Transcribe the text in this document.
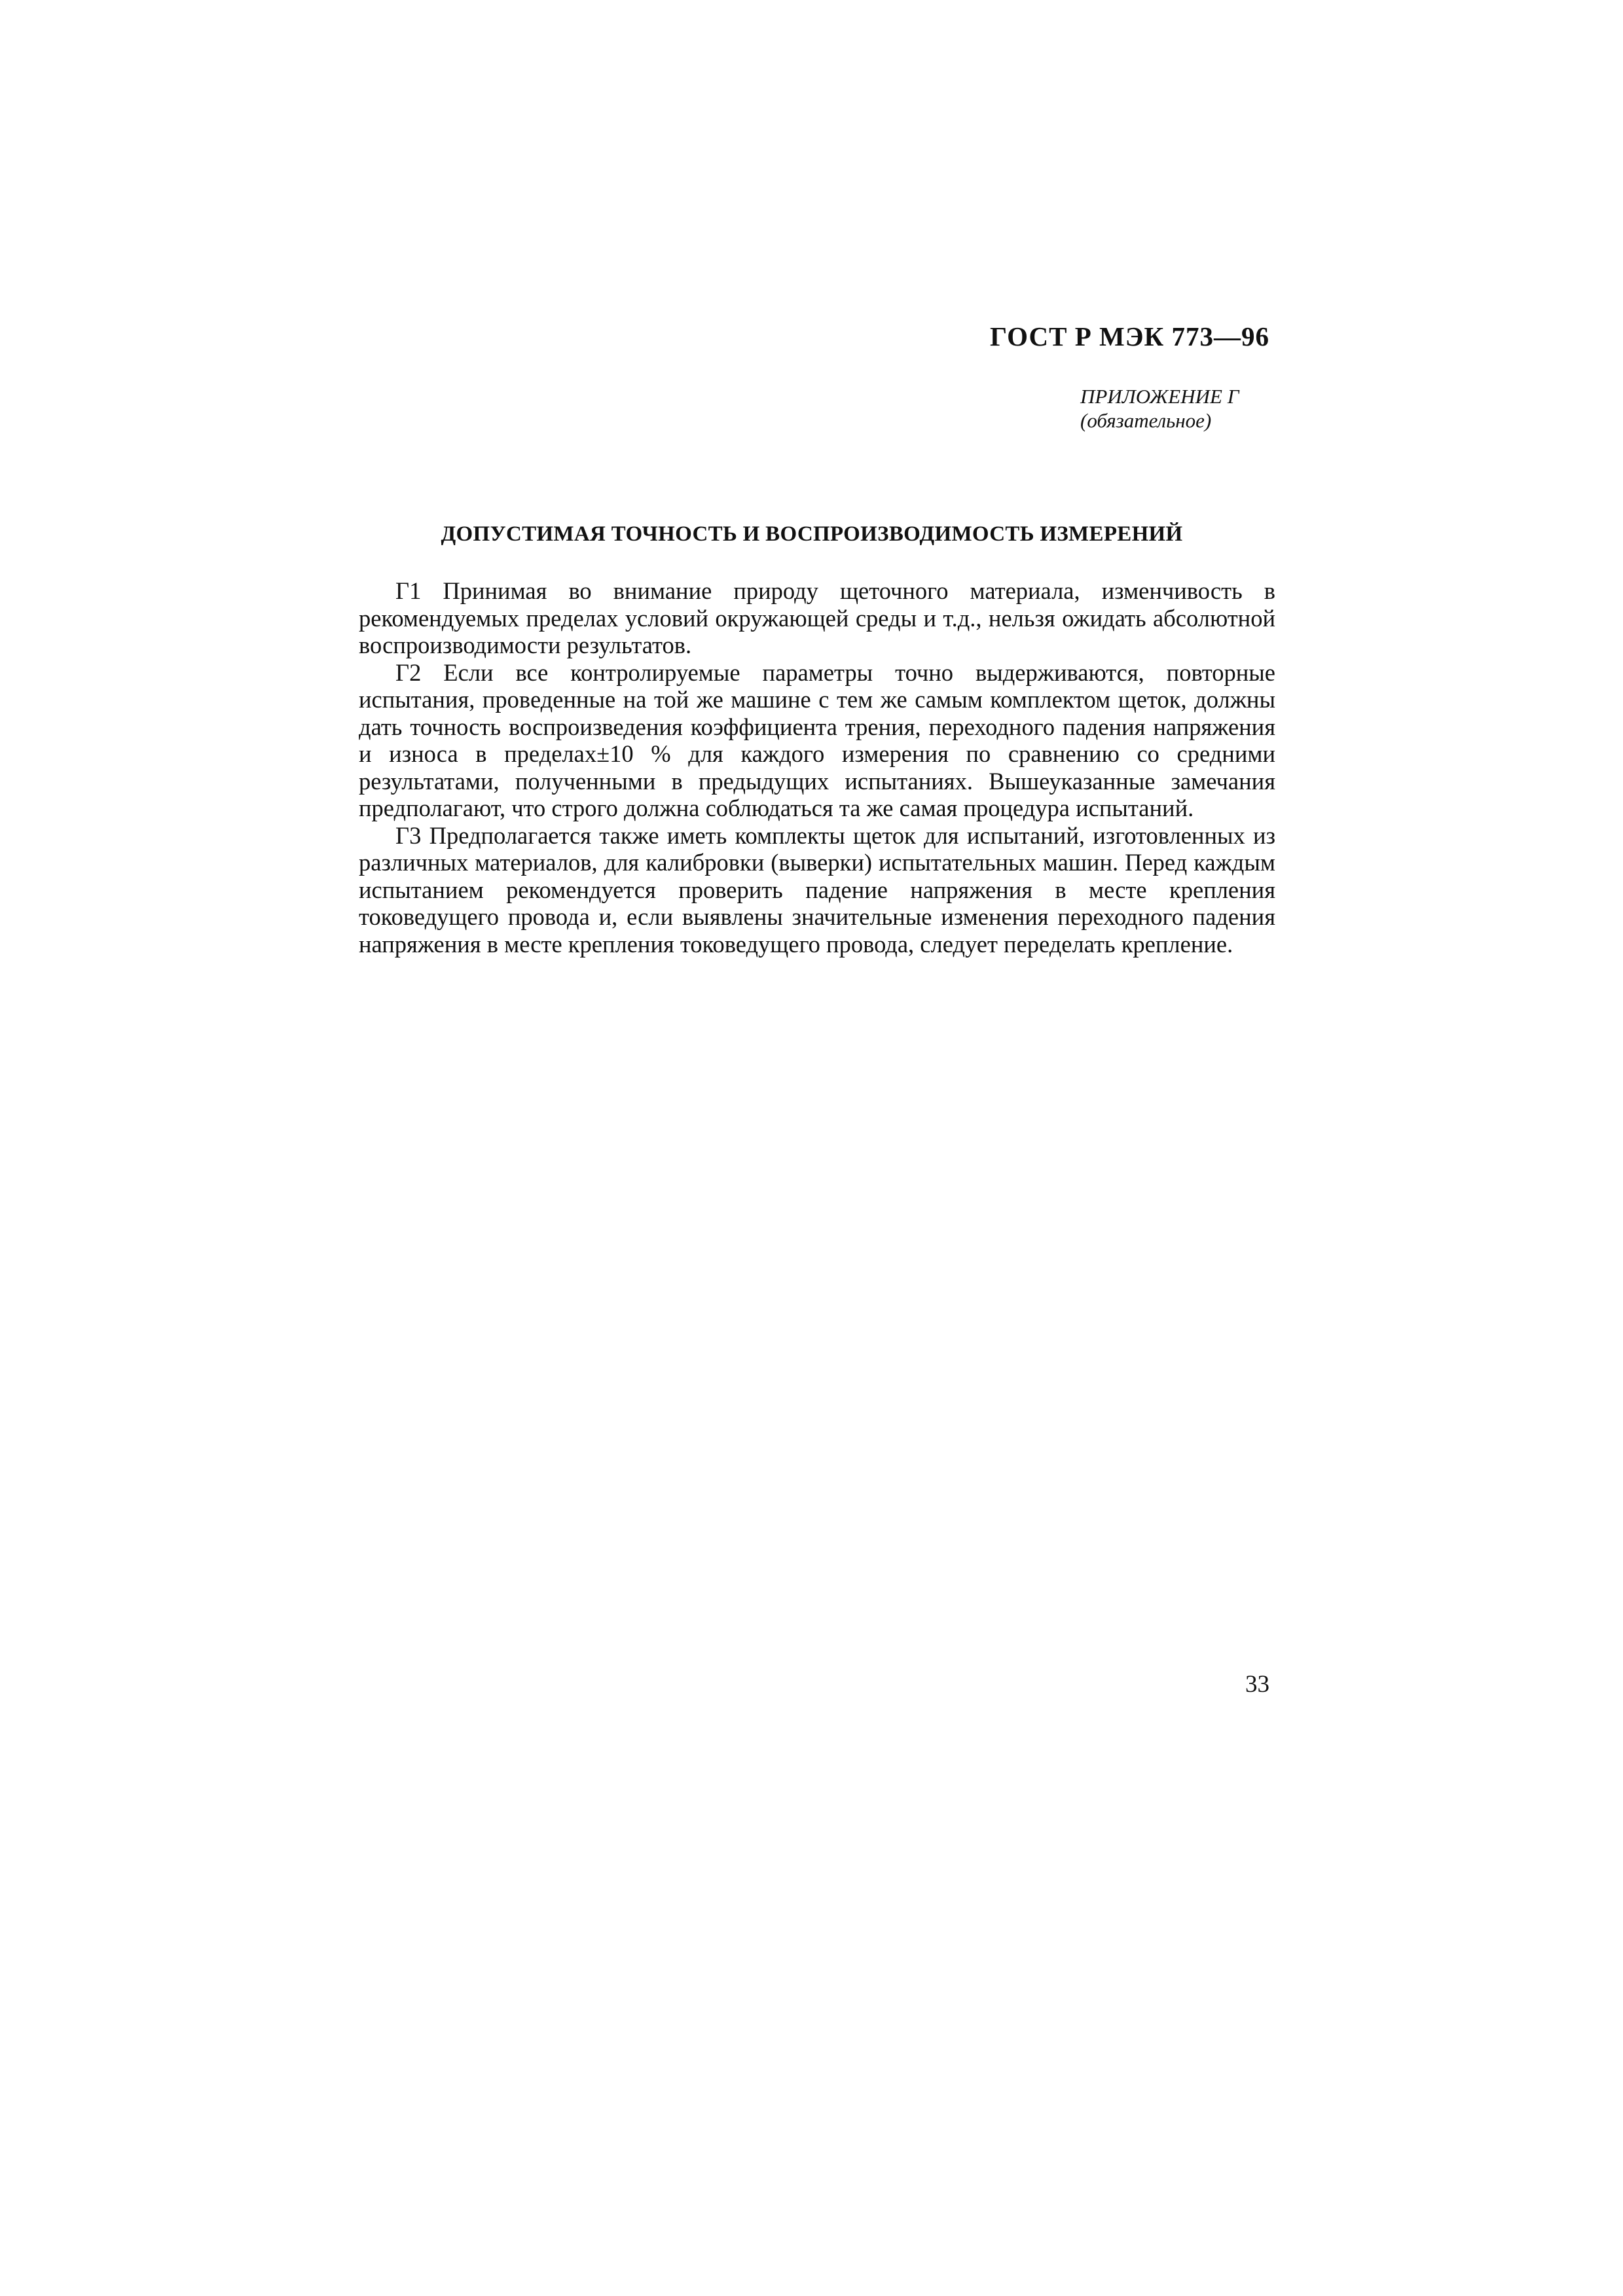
ГОСТ Р МЭК 773—96

ПРИЛОЖЕНИЕ Г
(обязательное)
ДОПУСТИМАЯ ТОЧНОСТЬ И ВОСПРОИЗВОДИМОСТЬ ИЗМЕРЕНИЙ

Г1 Принимая во внимание природу щеточного материала, изменчивость в рекомендуемых пределах условий окружающей среды и т.д., нельзя ожидать абсолютной воспроизводимости результатов.

Г2 Если все контролируемые параметры точно выдерживаются, повторные испытания, проведенные на той же машине с тем же самым комплектом щеток, должны дать точность воспроизведения коэффициента трения, переходного падения напряжения и износа в пределах±10 % для каждого измерения по сравнению со средними результатами, полученными в предыдущих испытаниях. Вышеуказанные замечания предполагают, что строго должна соблюдаться та же самая процедура испытаний.

Г3 Предполагается также иметь комплекты щеток для испытаний, изготовленных из различных материалов, для калибровки (выверки) испытательных машин. Перед каждым испытанием рекомендуется проверить падение напряжения в месте крепления токоведущего провода и, если выявлены значительные изменения переходного падения напряжения в месте крепления токоведущего провода, следует переделать крепление.

33
